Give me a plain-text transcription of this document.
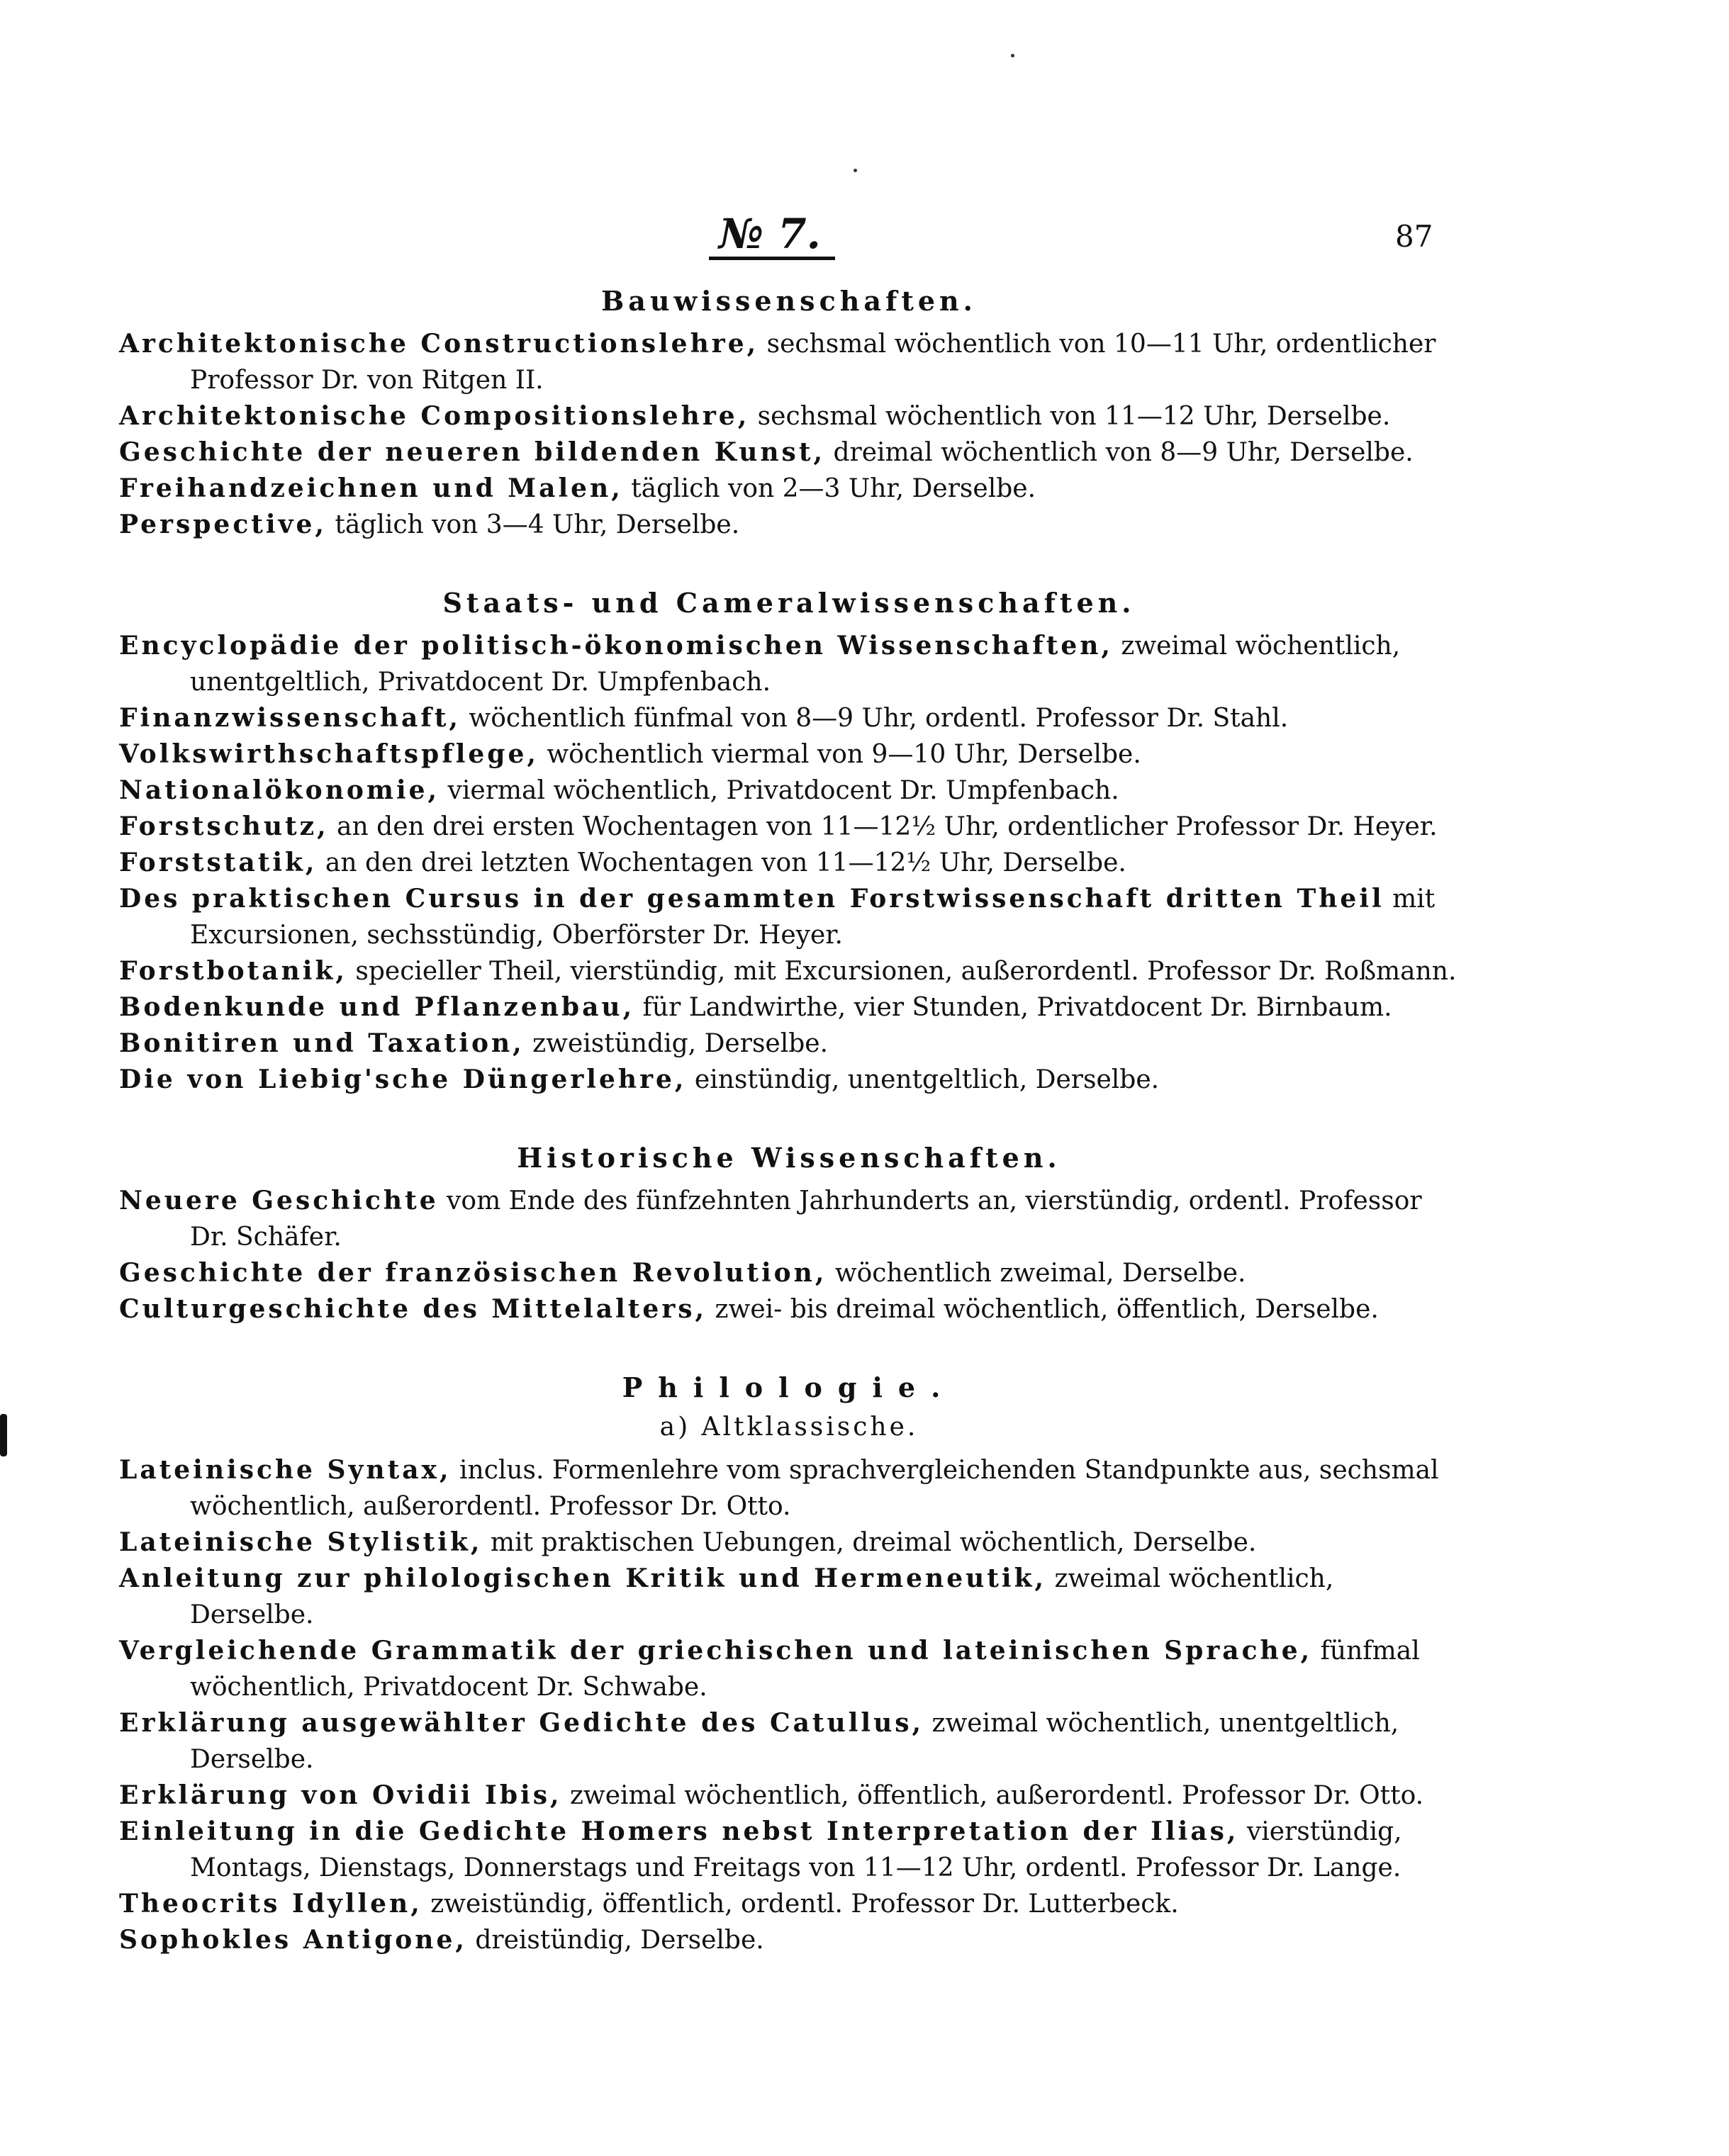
№ 7.	87
Bauwissenschaften.
Architektonische Constructionslehre, sechsmal wöchentlich von 10—11 Uhr, ordentlicher Professor Dr. von Ritgen II.
Architektonische Compositionslehre, sechsmal wöchentlich von 11—12 Uhr, Derselbe.
Geschichte der neueren bildenden Kunst, dreimal wöchentlich von 8—9 Uhr, Derselbe.
Freihandzeichnen und Malen, täglich von 2—3 Uhr, Derselbe.
Perspective, täglich von 3—4 Uhr, Derselbe.
Staats- und Cameralwissenschaften.
Encyclopädie der politisch-ökonomischen Wissenschaften, zweimal wöchentlich, unentgeltlich, Privatdocent Dr. Umpfenbach.
Finanzwissenschaft, wöchentlich fünfmal von 8—9 Uhr, ordentl. Professor Dr. Stahl.
Volkswirthschaftspflege, wöchentlich viermal von 9—10 Uhr, Derselbe.
Nationalökonomie, viermal wöchentlich, Privatdocent Dr. Umpfenbach.
Forstschutz, an den drei ersten Wochentagen von 11—12½ Uhr, ordentlicher Professor Dr. Heyer.
Forststatik, an den drei letzten Wochentagen von 11—12½ Uhr, Derselbe.
Des praktischen Cursus in der gesammten Forstwissenschaft dritten Theil mit Excursionen, sechsstündig, Oberförster Dr. Heyer.
Forstbotanik, specieller Theil, vierstündig, mit Excursionen, außerordentl. Professor Dr. Roßmann.
Bodenkunde und Pflanzenbau, für Landwirthe, vier Stunden, Privatdocent Dr. Birnbaum.
Bonitiren und Taxation, zweistündig, Derselbe.
Die von Liebig'sche Düngerlehre, einstündig, unentgeltlich, Derselbe.
Historische Wissenschaften.
Neuere Geschichte vom Ende des fünfzehnten Jahrhunderts an, vierstündig, ordentl. Professor Dr. Schäfer.
Geschichte der französischen Revolution, wöchentlich zweimal, Derselbe.
Culturgeschichte des Mittelalters, zwei- bis dreimal wöchentlich, öffentlich, Derselbe.
Philologie.
a) Altklassische.
Lateinische Syntax, inclus. Formenlehre vom sprachvergleichenden Standpunkte aus, sechsmal wöchentlich, außerordentl. Professor Dr. Otto.
Lateinische Stylistik, mit praktischen Uebungen, dreimal wöchentlich, Derselbe.
Anleitung zur philologischen Kritik und Hermeneutik, zweimal wöchentlich, Derselbe.
Vergleichende Grammatik der griechischen und lateinischen Sprache, fünfmal wöchentlich, Privatdocent Dr. Schwabe.
Erklärung ausgewählter Gedichte des Catullus, zweimal wöchentlich, unentgeltlich, Derselbe.
Erklärung von Ovidii Ibis, zweimal wöchentlich, öffentlich, außerordentl. Professor Dr. Otto.
Einleitung in die Gedichte Homers nebst Interpretation der Ilias, vierstündig, Montags, Dienstags, Donnerstags und Freitags von 11—12 Uhr, ordentl. Professor Dr. Lange.
Theocrits Idyllen, zweistündig, öffentlich, ordentl. Professor Dr. Lutterbeck.
Sophokles Antigone, dreistündig, Derselbe.
